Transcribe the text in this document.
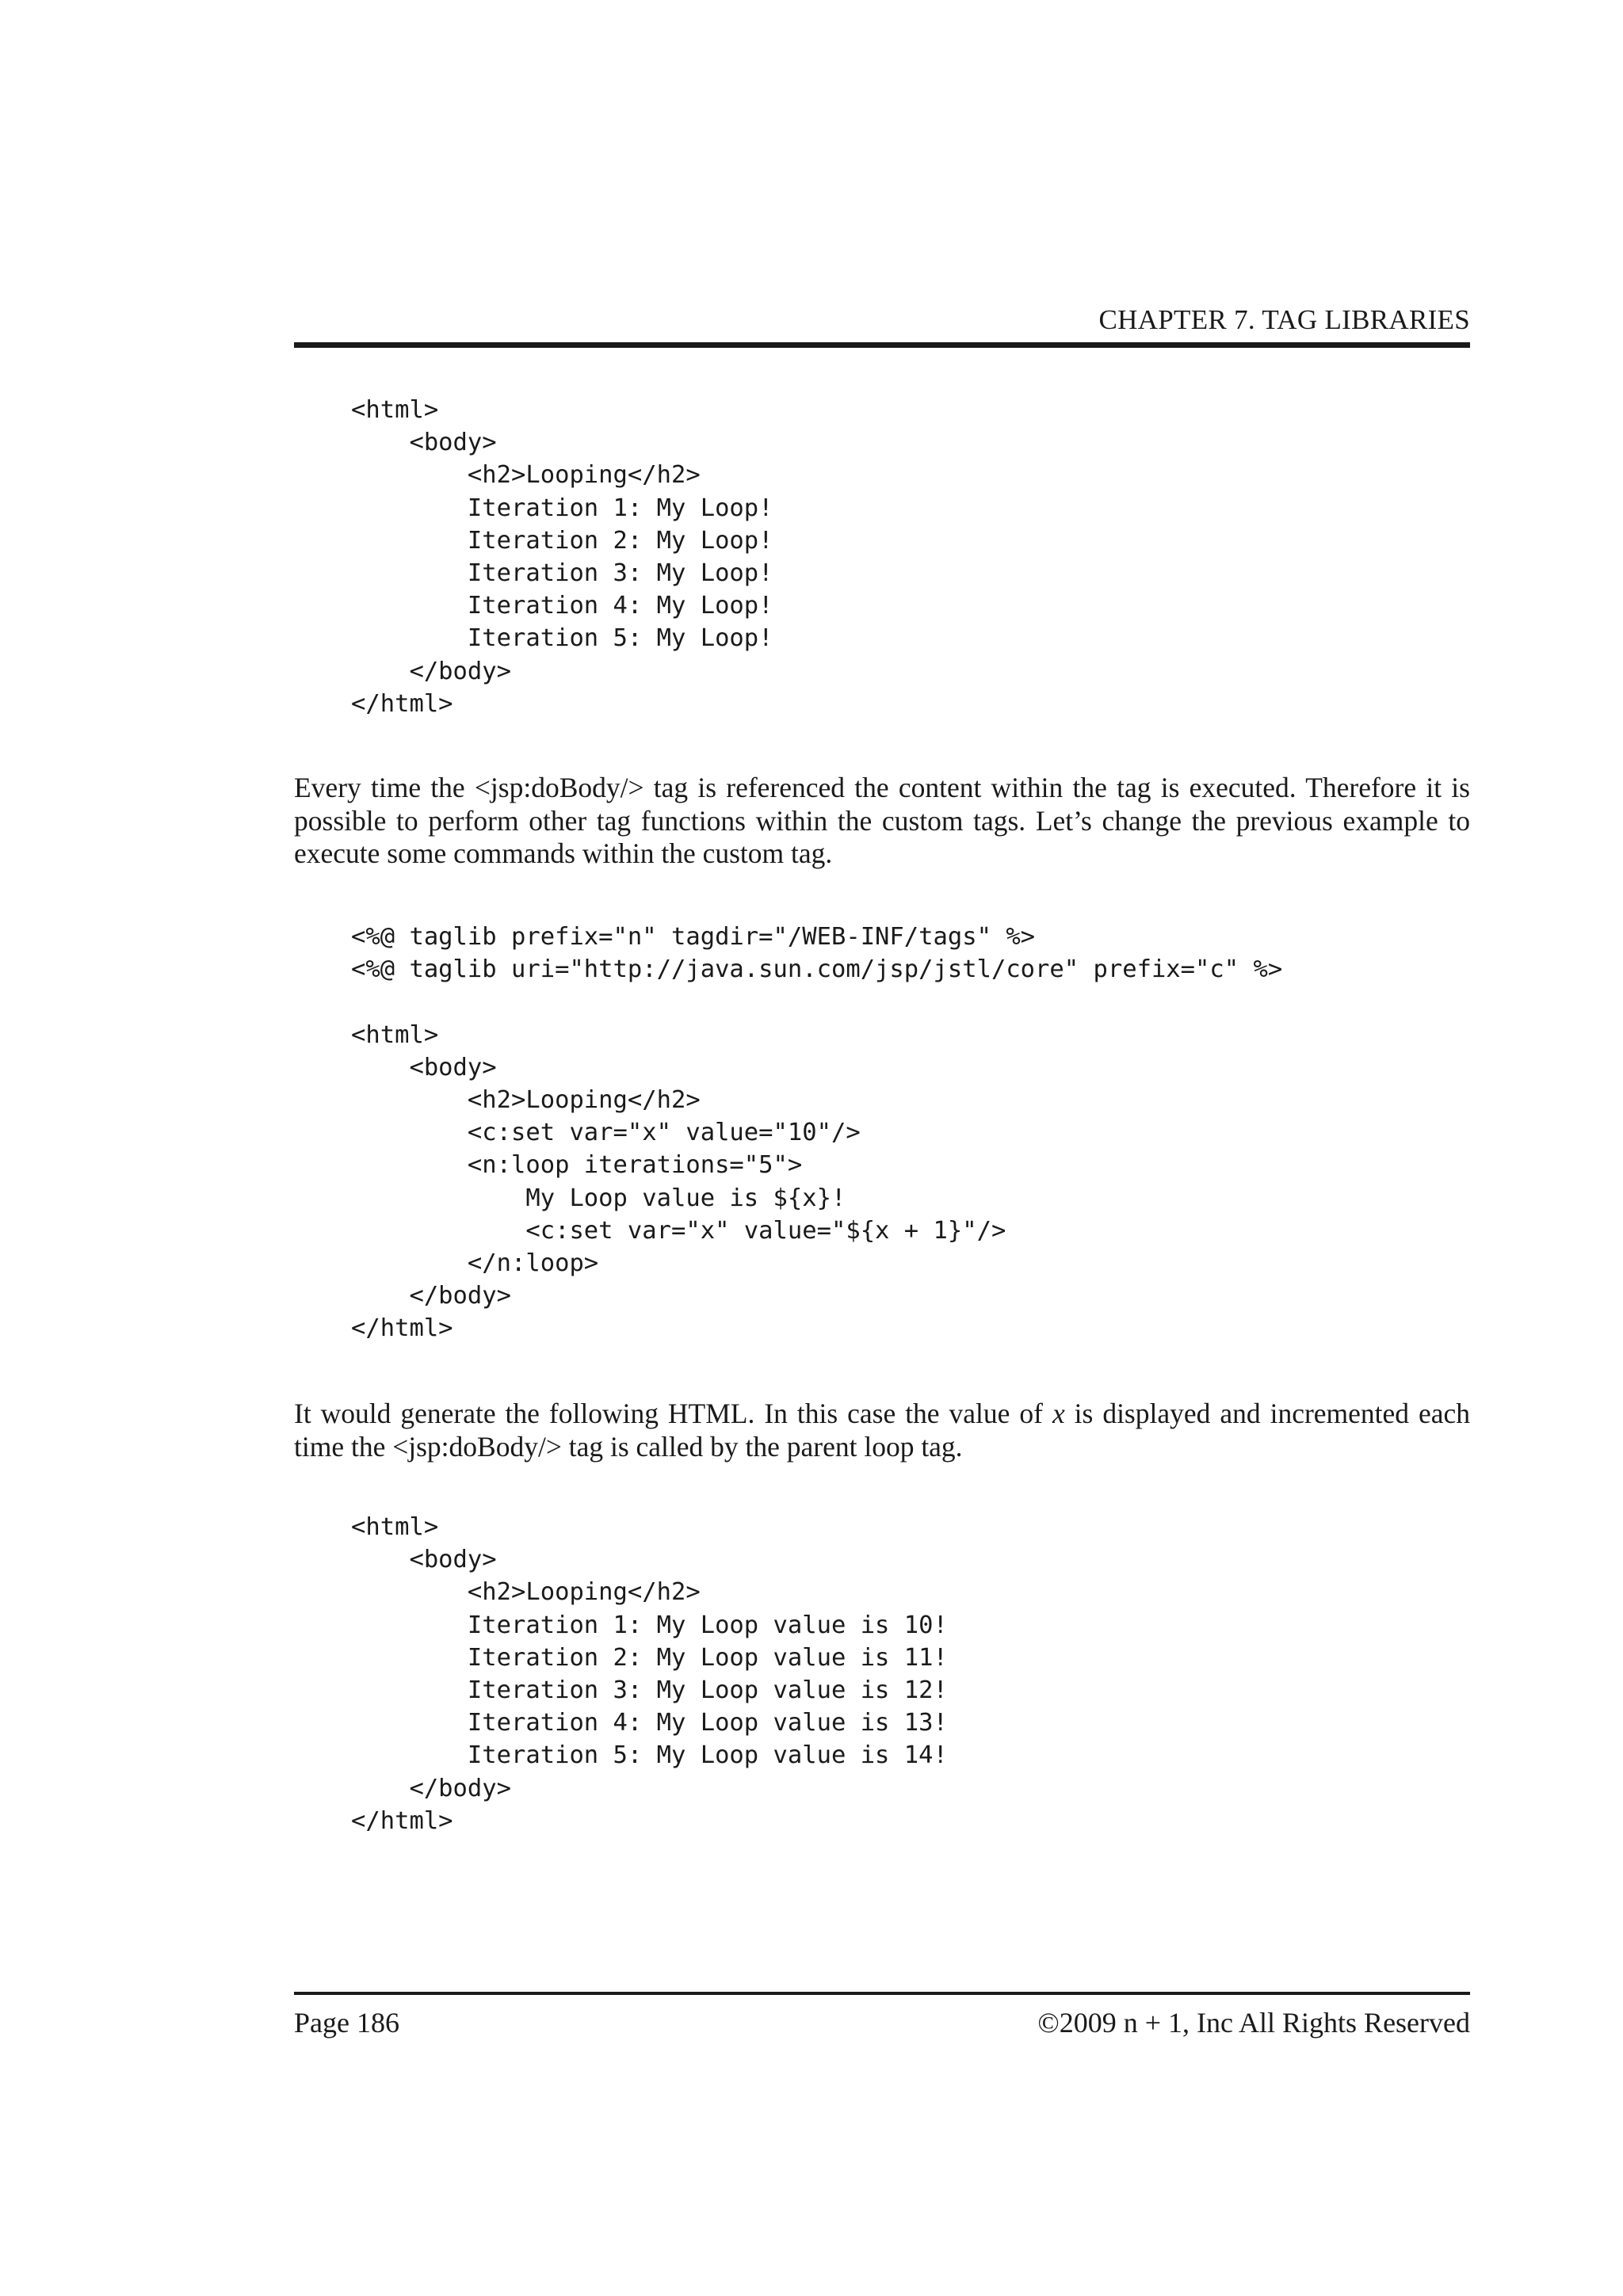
CHAPTER 7. TAG LIBRARIES
<html>
<body>
<h2>Looping</h2>
Iteration 1: My Loop!
Iteration 2: My Loop!
Iteration 3: My Loop!
Iteration 4: My Loop!
Iteration 5: My Loop!
</body>
</html>

Every time the <jsp:doBody/> tag is referenced the content within the tag is executed. Therefore it is possible to perform other tag functions within the custom tags. Let’s change the previous example to execute some commands within the custom tag.

<%@ taglib prefix="n" tagdir="/WEB-INF/tags" %>
<%@ taglib uri="http://java.sun.com/jsp/jstl/core" prefix="c" %>
<html>
<body>
<h2>Looping</h2>
<c:set var="x" value="10"/>
<n:loop iterations="5">
My Loop value is ${x}!
<c:set var="x" value="${x + 1}"/>
</n:loop>
</body>
</html>

It would generate the following HTML. In this case the value of x is displayed and incremented each time the <jsp:doBody/> tag is called by the parent loop tag.

<html>
<body>
<h2>Looping</h2>
Iteration 1: My Loop value is 10!
Iteration 2: My Loop value is 11!
Iteration 3: My Loop value is 12!
Iteration 4: My Loop value is 13!
Iteration 5: My Loop value is 14!
</body>
</html>
Page 186	©2009 n + 1, Inc All Rights Reserved
